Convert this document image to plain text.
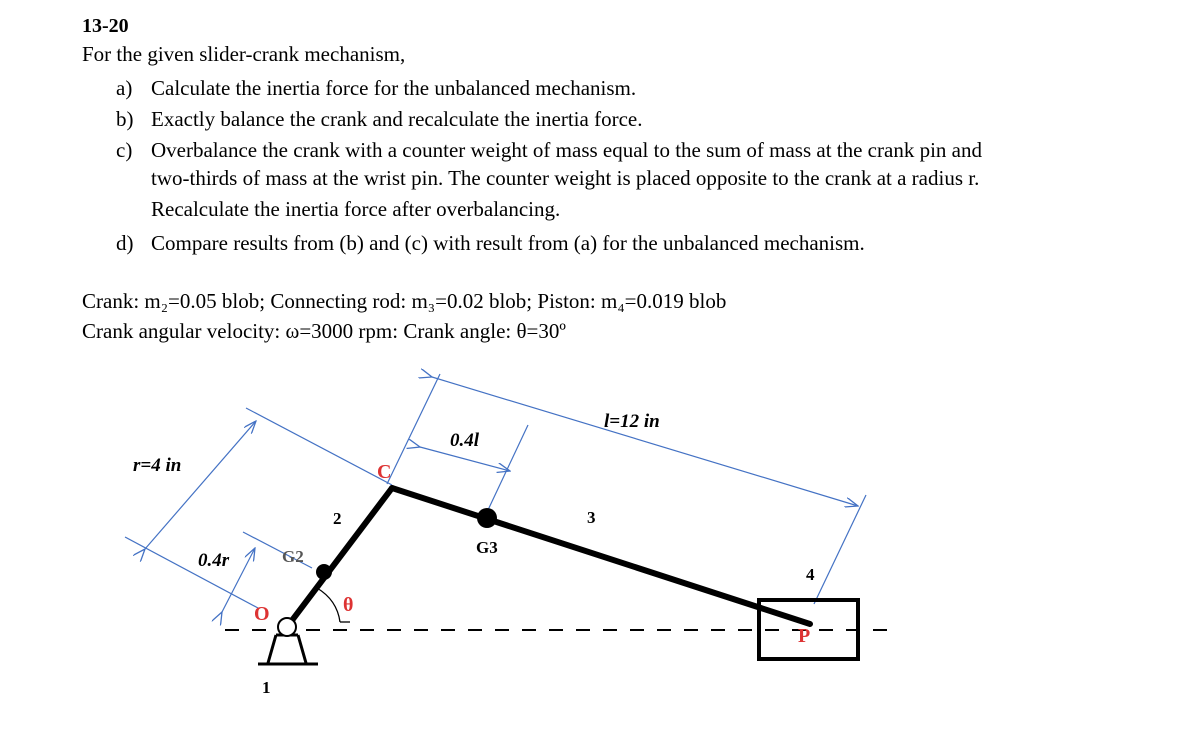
13-20
For the given slider-crank mechanism,
a) Calculate the inertia force for the unbalanced mechanism.
b) Exactly balance the crank and recalculate the inertia force.
c) Overbalance the crank with a counter weight of mass equal to the sum of mass at the crank pin and
two-thirds of mass at the wrist pin. The counter weight is placed opposite to the crank at a radius r.
Recalculate the inertia force after overbalancing.
d) Compare results from (b) and (c) with result from (a) for the unbalanced mechanism.
Crank: m₂=0.05 blob; Connecting rod: m₃=0.02 blob; Piston: m₄=0.019 blob
Crank angular velocity: ω=3000 rpm: Crank angle: θ=30º
r=4 in
0.4r
l=12 in
0.4l
C
O	θ
P
G2	G3
1
2	3
4
